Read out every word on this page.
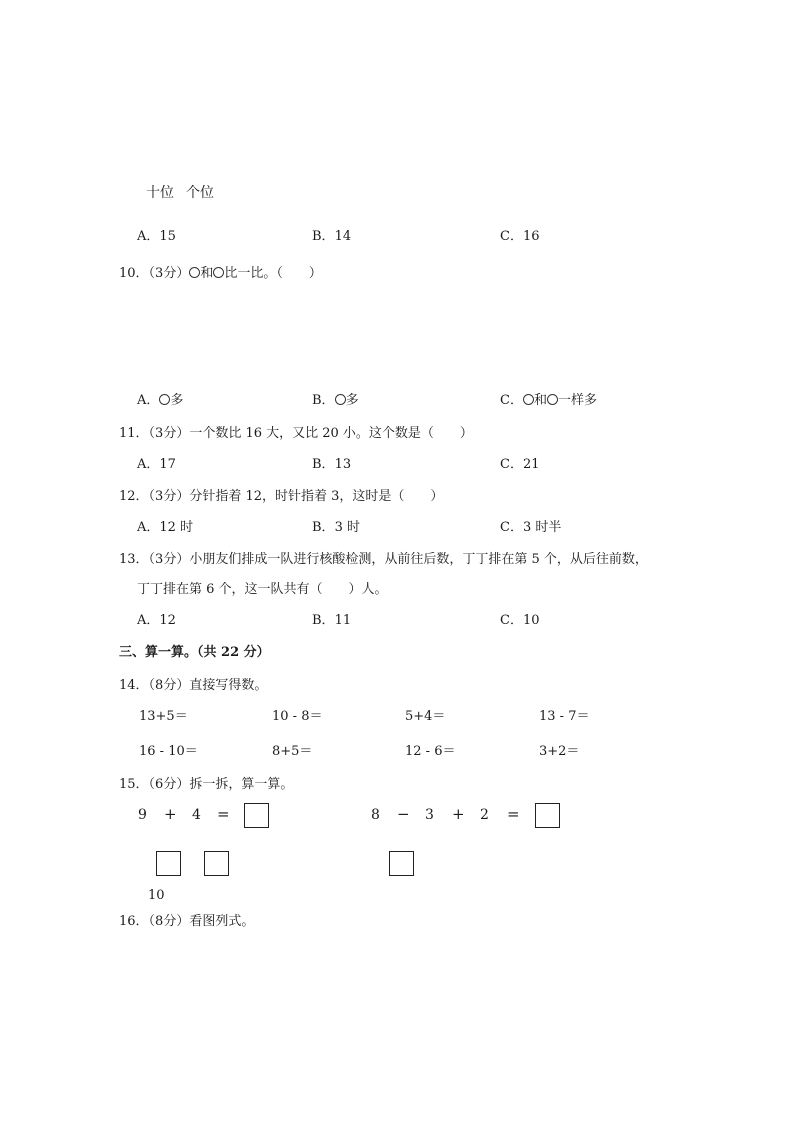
十位 个位
A．15	B．14	C．16
10．（3分） 和 比一比。（　　）
A． 多	B． 多	C． 和 一样多
11．（3分）一个数比 16 大，又比 20 小。这个数是（　　）
A．17	B．13	C．21
12．（3分）分针指着 12，时针指着 3，这时是（　　）
A．12 时	B．3 时	C．3 时半
13．（3分）小朋友们排成一队进行核酸检测，从前往后数，丁丁排在第 5 个，从后往前数，
丁丁排在第 6 个，这一队共有（　　）人。
A．12	B．11	C．10
三、算一算。（共 22 分）
14．（8分）直接写得数。
13+5＝	10 - 8＝	5+4＝	13 - 7＝
16 - 10＝	8+5＝	12 - 6＝	3+2＝
15．（6分）拆一拆，算一算。
9 + 4 =
10
8 − 3 + 2 =
16．（8分）看图列式。
